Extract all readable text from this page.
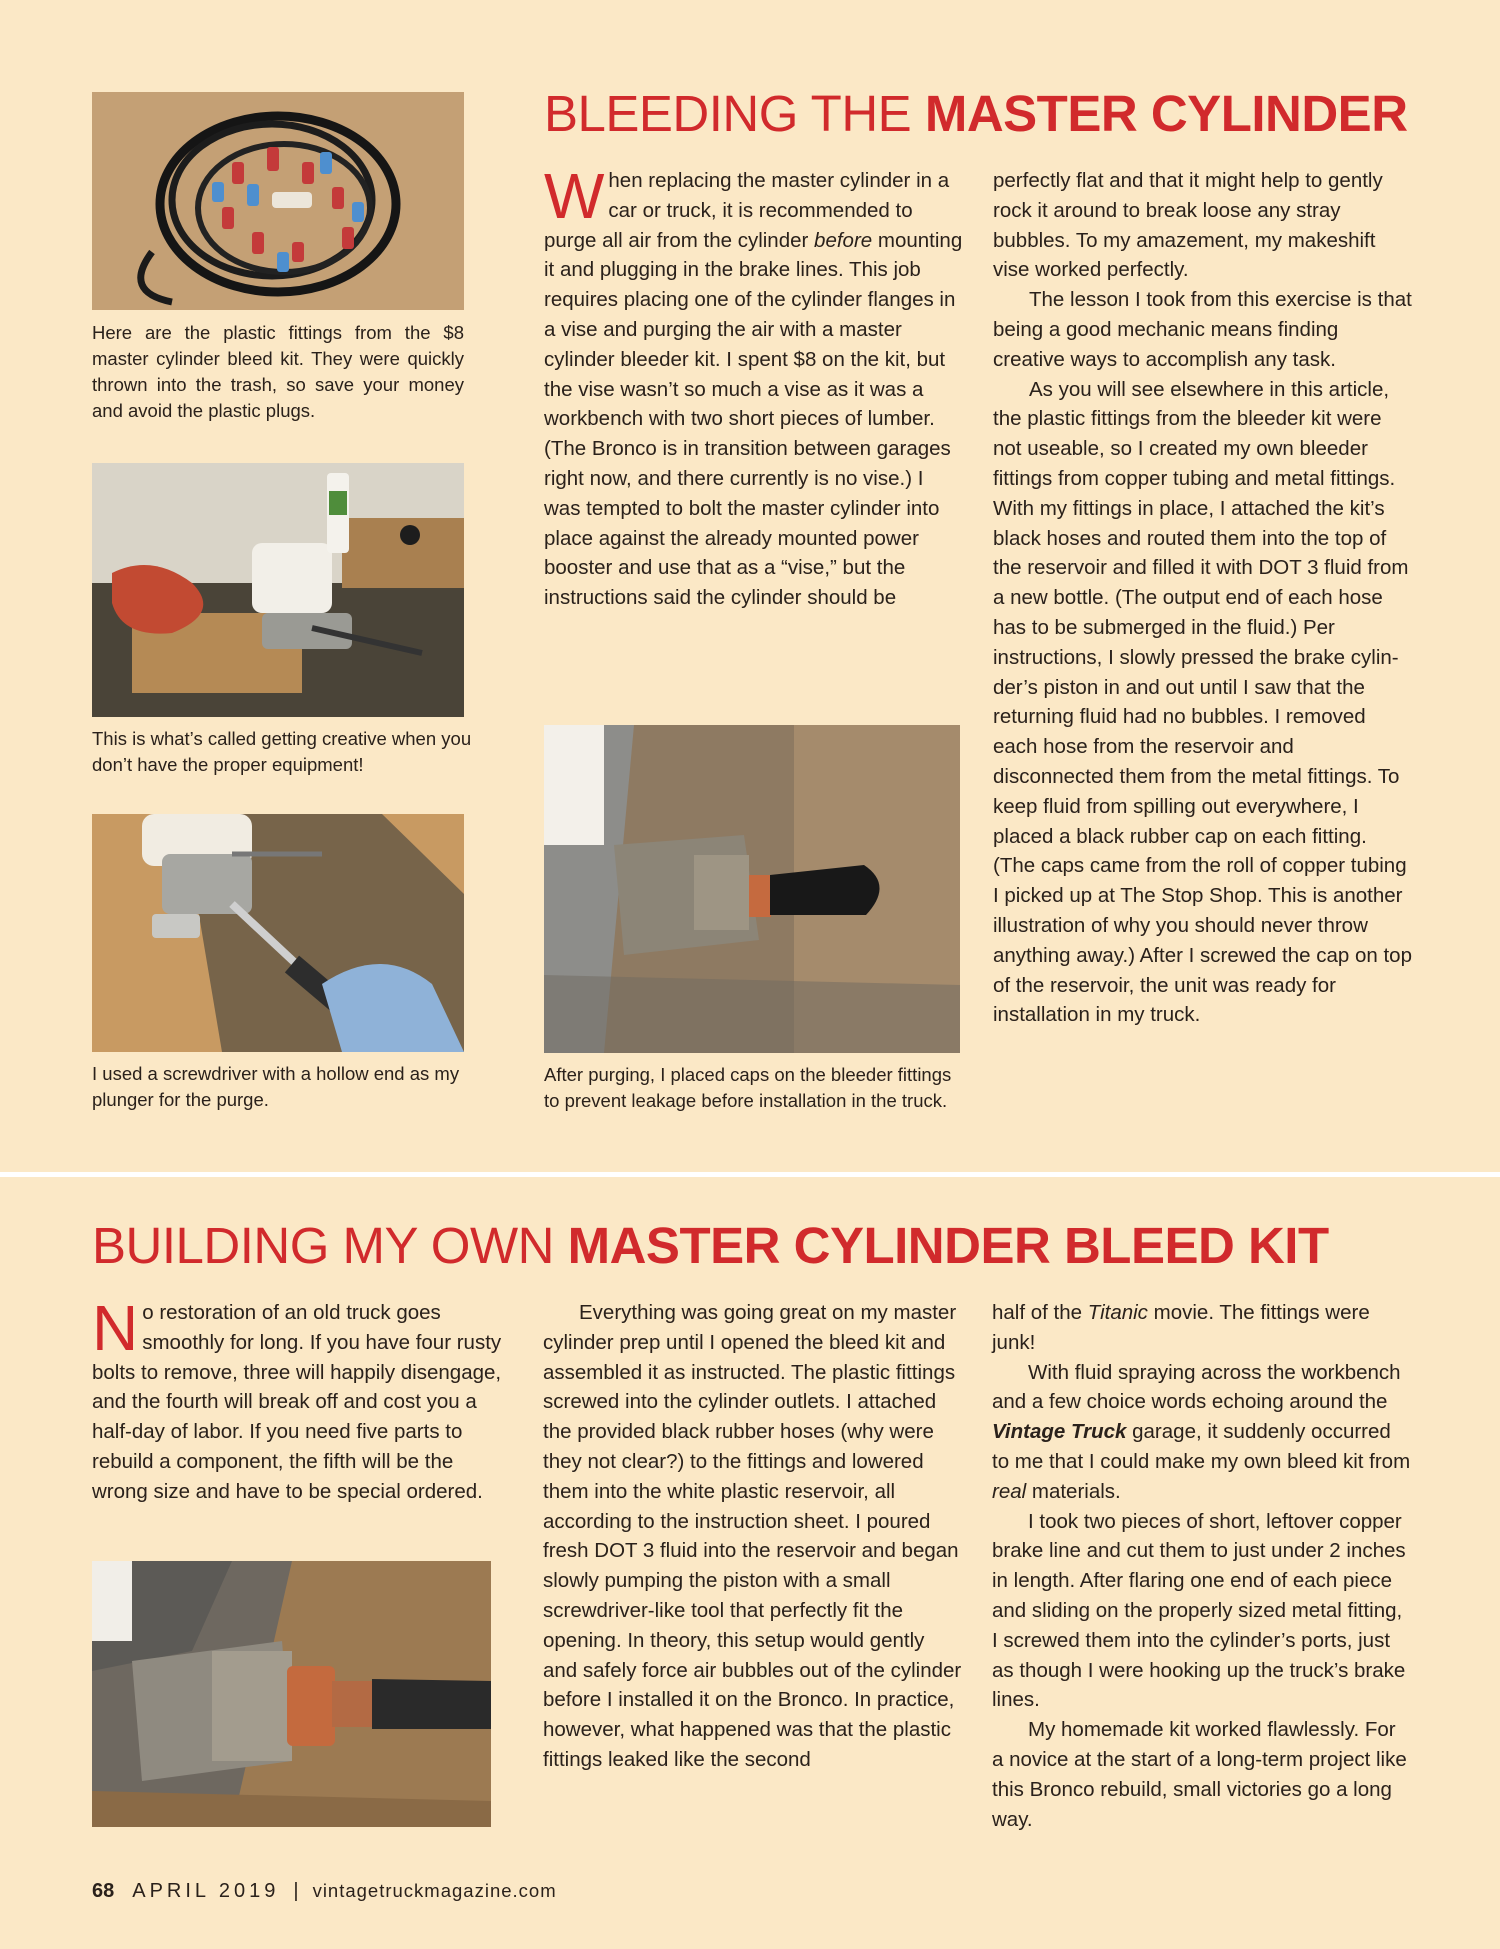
BLEEDING THE MASTER CYLINDER
Here are the plastic fittings from the $8 master cylinder bleed kit. They were quickly thrown into the trash, so save your money and avoid the plastic plugs.
This is what’s called getting creative when you don’t have the proper equipment!
I used a screwdriver with a hollow end as my plunger for the purge.
After purging, I placed caps on the bleeder fittings to prevent leakage before installation in the truck.

When replacing the master cylinder in a car or truck, it is recommended to purge all air from the cylinder before mounting it and plugging in the brake lines. This job requires placing one of the cylinder flanges in a vise and purging the air with a master cylinder bleeder kit. I spent $8 on the kit, but the vise wasn’t so much a vise as it was a workbench with two short pieces of lumber. (The Bronco is in transition between garages right now, and there currently is no vise.) I was tempted to bolt the master cylinder into place against the already mounted power booster and use that as a “vise,” but the instructions said the cylinder should be

perfectly flat and that it might help to gently rock it around to break loose any stray bubbles. To my amazement, my makeshift vise worked perfectly.

The lesson I took from this exercise is that being a good mechanic means finding creative ways to accomplish any task.

As you will see elsewhere in this article, the plastic fittings from the bleeder kit were not useable, so I created my own bleeder fittings from copper tubing and metal fittings. With my fittings in place, I attached the kit’s black hoses and routed them into the top of the reservoir and filled it with DOT 3 fluid from a new bottle. (The output end of each hose has to be submerged in the fluid.) Per instructions, I slowly pressed the brake cylinder’s piston in and out until I saw that the returning fluid had no bubbles. I removed each hose from the reservoir and disconnected them from the metal fittings. To keep fluid from spilling out everywhere, I placed a black rubber cap on each fitting. (The caps came from the roll of copper tubing I picked up at The Stop Shop. This is another illustration of why you should never throw anything away.) After I screwed the cap on top of the reservoir, the unit was ready for installation in my truck.

BUILDING MY OWN MASTER CYLINDER BLEED KIT

No restoration of an old truck goes smoothly for long. If you have four rusty bolts to remove, three will happily disengage, and the fourth will break off and cost you a half-day of labor. If you need five parts to rebuild a component, the fifth will be the wrong size and have to be special ordered.

Everything was going great on my master cylinder prep until I opened the bleed kit and assembled it as instructed. The plastic fittings screwed into the cylinder outlets. I attached the provided black rubber hoses (why were they not clear?) to the fittings and lowered them into the white plastic reservoir, all according to the instruction sheet. I poured fresh DOT 3 fluid into the reservoir and began slowly pumping the piston with a small screwdriver-like tool that perfectly fit the opening. In theory, this setup would gently and safely force air bubbles out of the cylinder before I installed it on the Bronco. In practice, however, what happened was that the plastic fittings leaked like the second

half of the Titanic movie. The fittings were junk!

With fluid spraying across the workbench and a few choice words echoing around the Vintage Truck garage, it suddenly occurred to me that I could make my own bleed kit from real materials.

I took two pieces of short, leftover copper brake line and cut them to just under 2 inches in length. After flaring one end of each piece and sliding on the properly sized metal fitting, I screwed them into the cylinder’s ports, just as though I were hooking up the truck’s brake lines.

My homemade kit worked flawlessly. For a novice at the start of a long-term project like this Bronco rebuild, small victories go a long way.

68 APRIL 2019 | vintagetruckmagazine.com
